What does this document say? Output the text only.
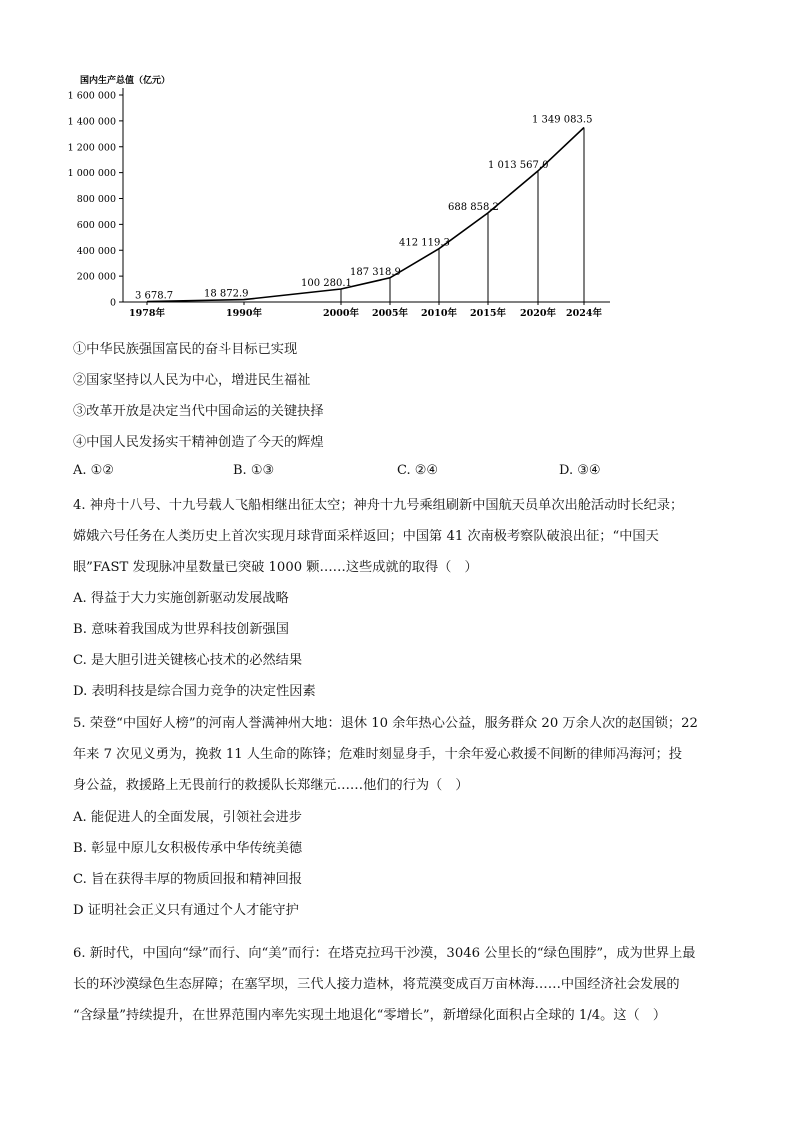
国内生产总值（亿元）
1 600 000
1 400 000
1 200 000
1 000 000
800 000
600 000
400 000
200 000
0
1978年	1990年	2000年 2005年 2010年 2015年 2020年 2024年
3 678.7	18 872.9
100 280.1
187 318.9
412 119.3
688 858.2
1 013 567.0
1 349 083.5
①中华民族强国富民的奋斗目标已实现
②国家坚持以人民为中心，增进民生福祉
③改革开放是决定当代中国命运的关键抉择
④中国人民发扬实干精神创造了今天的辉煌
A. ①②	B. ①③	C. ②④	D. ③④
4. 神舟十八号、十九号载人飞船相继出征太空；神舟十九号乘组刷新中国航天员单次出舱活动时长纪录；
嫦娥六号任务在人类历史上首次实现月球背面采样返回；中国第 41 次南极考察队破浪出征；“中国天
眼”FAST 发现脉冲星数量已突破 1000 颗……这些成就的取得（　）
A. 得益于大力实施创新驱动发展战略
B. 意味着我国成为世界科技创新强国
C. 是大胆引进关键核心技术的必然结果
D. 表明科技是综合国力竞争的决定性因素
5. 荣登“中国好人榜”的河南人誉满神州大地：退休 10 余年热心公益，服务群众 20 万余人次的赵国锁；22
年来 7 次见义勇为，挽救 11 人生命的陈锋；危难时刻显身手，十余年爱心救援不间断的律师冯海河；投
身公益，救援路上无畏前行的救援队长郑继元……他们的行为（　）
A. 能促进人的全面发展，引领社会进步
B. 彰显中原儿女积极传承中华传统美德
C. 旨在获得丰厚的物质回报和精神回报
D 证明社会正义只有通过个人才能守护
6. 新时代，中国向“绿”而行、向“美”而行：在塔克拉玛干沙漠，3046 公里长的“绿色围脖”，成为世界上最
长的环沙漠绿色生态屏障；在塞罕坝，三代人接力造林，将荒漠变成百万亩林海……中国经济社会发展的
“含绿量”持续提升，在世界范围内率先实现土地退化“零增长”，新增绿化面积占全球的 1/4。这（　）
